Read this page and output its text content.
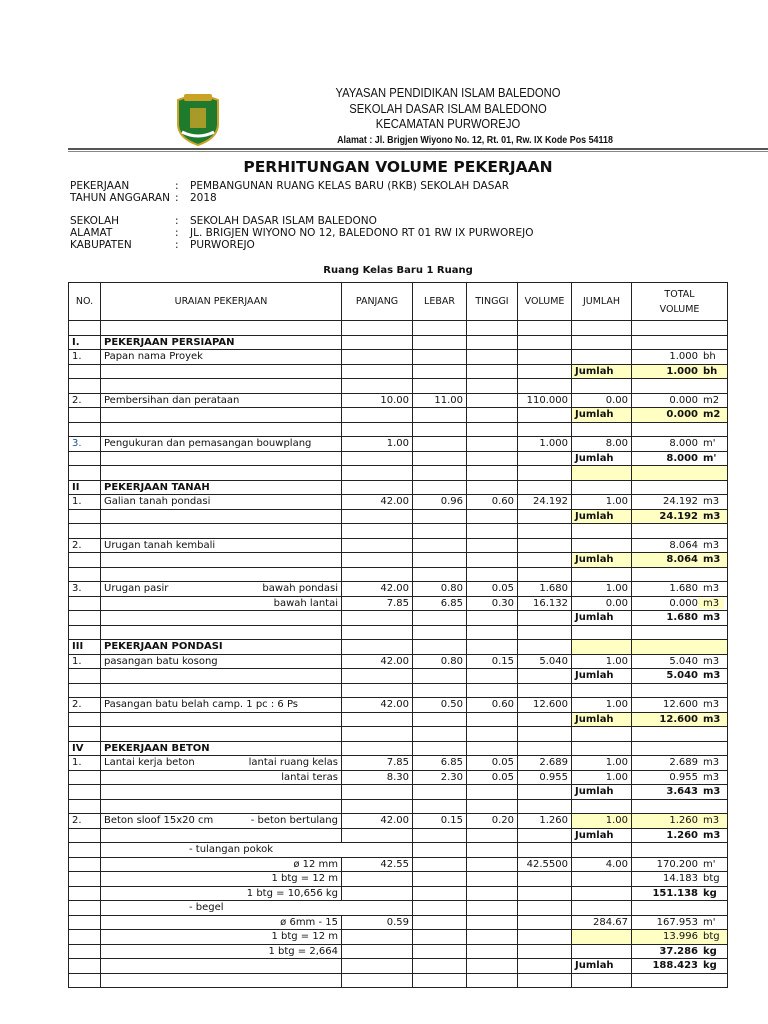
YAYASAN PENDIDIKAN ISLAM BALEDONO
SEKOLAH DASAR ISLAM BALEDONO
KECAMATAN PURWOREJO
Alamat : Jl. Brigjen Wiyono No. 12, Rt. 01, Rw. IX Kode Pos 54118
PERHITUNGAN VOLUME PEKERJAAN
PEKERJAAN	:	PEMBANGUNAN RUANG KELAS BARU (RKB) SEKOLAH DASAR
TAHUN ANGGARAN :	2018
SEKOLAH	:	SEKOLAH DASAR ISLAM BALEDONO
ALAMAT	:	JL. BRIGJEN WIYONO NO 12, BALEDONO RT 01 RW IX PURWOREJO
KABUPATEN	:	PURWOREJO
Ruang Kelas Baru 1 Ruang
NO.	URAIAN PEKERJAAN	PANJANG	LEBAR	TINGGI	VOLUME	JUMLAH	TOTAL VOLUME

I.	PEKERJAAN PERSIAPAN						

1.	Papan nama Proyek						1.000 bh

					Jumlah	1.000 bh

2.	Pembersihan dan perataan	10.00	11.00		110.000	0.00	0.000 m2

					Jumlah	0.000 m2

3.	Pengukuran dan pemasangan bouwplang	1.00			1.000	8.00	8.000 m'

					Jumlah	8.000 m'

II	PEKERJAAN TANAH						

1.	Galian tanah pondasi	42.00	0.96	0.60	24.192	1.00	24.192 m3

					Jumlah	24.192 m3

2.	Urugan tanah kembali						8.064 m3

					Jumlah	8.064 m3

3.	Urugan pasir bawah pondasi	42.00	0.80	0.05	1.680	1.00	1.680 m3

	bawah lantai	7.85	6.85	0.30	16.132	0.00	0.000 m3

					Jumlah	1.680 m3

III	PEKERJAAN PONDASI						

1.	pasangan batu kosong	42.00	0.80	0.15	5.040	1.00	5.040 m3

					Jumlah	5.040 m3

2.	Pasangan batu belah camp. 1 pc : 6 Ps	42.00	0.50	0.60	12.600	1.00	12.600 m3

					Jumlah	12.600 m3

IV	PEKERJAAN BETON						

1.	Lantai kerja beton lantai ruang kelas	7.85	6.85	0.05	2.689	1.00	2.689 m3

	lantai teras	8.30	2.30	0.05	0.955	1.00	0.955 m3

					Jumlah	3.643 m3

2.	Beton sloof 15x20 cm - beton bertulang	42.00	0.15	0.20	1.260	1.00	1.260 m3

					Jumlah	1.260 m3

	- tulangan pokok						

	ø 12 mm	42.55			42.5500	4.00	170.200 m'

	1 btg = 12 m						14.183 btg

	1 btg = 10,656 kg						151.138 kg

	- begel						

	ø 6mm - 15	0.59				284.67	167.953 m'

	1 btg = 12 m						13.996 btg

	1 btg = 2,664						37.286 kg

					Jumlah	188.423 kg
